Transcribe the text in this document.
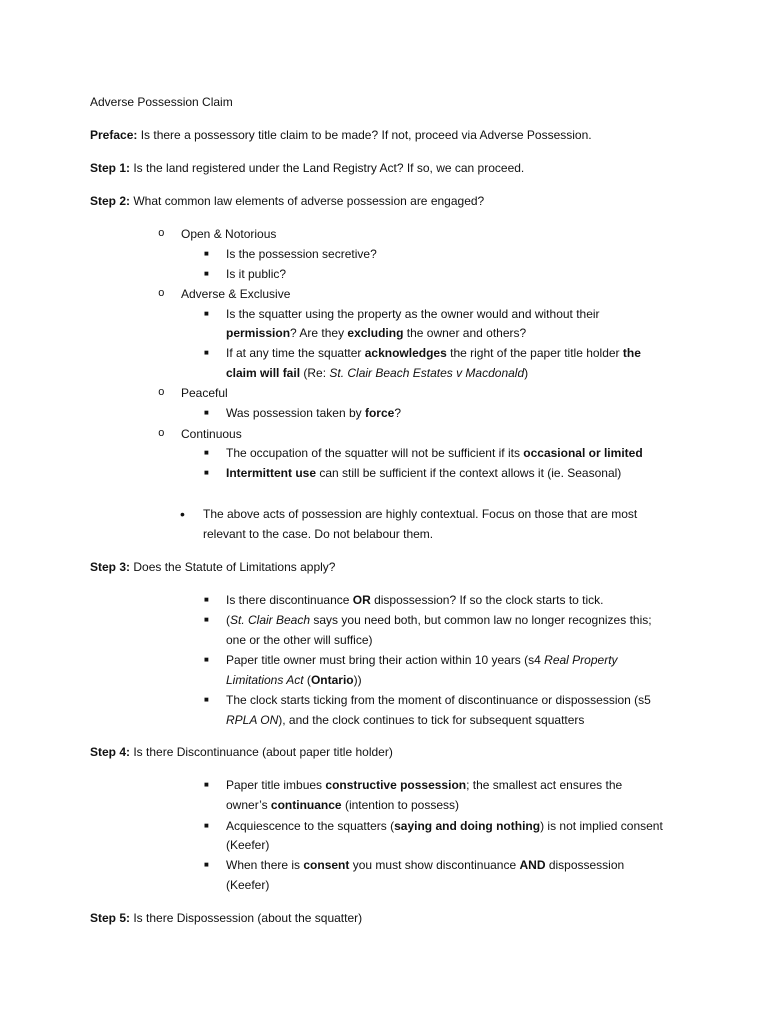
Adverse Possession Claim
Preface: Is there a possessory title claim to be made? If not, proceed via Adverse Possession.
Step 1: Is the land registered under the Land Registry Act? If so, we can proceed.
Step 2: What common law elements of adverse possession are engaged?
o Open & Notorious
■ Is the possession secretive?
■ Is it public?
o Adverse & Exclusive
■ Is the squatter using the property as the owner would and without their
permission? Are they excluding the owner and others?
■ If at any time the squatter acknowledges the right of the paper title holder the
claim will fail (Re: St. Clair Beach Estates v Macdonald)
o Peaceful
■ Was possession taken by force?
o Continuous
■ The occupation of the squatter will not be sufficient if its occasional or limited
■ Intermittent use can still be sufficient if the context allows it (ie. Seasonal)
• The above acts of possession are highly contextual. Focus on those that are most
relevant to the case. Do not belabour them.
Step 3: Does the Statute of Limitations apply?
■ Is there discontinuance OR dispossession? If so the clock starts to tick.
■ (St. Clair Beach says you need both, but common law no longer recognizes this;
one or the other will suffice)
■ Paper title owner must bring their action within 10 years (s4 Real Property
Limitations Act (Ontario))
■ The clock starts ticking from the moment of discontinuance or dispossession (s5
RPLA ON), and the clock continues to tick for subsequent squatters
Step 4: Is there Discontinuance (about paper title holder)
■ Paper title imbues constructive possession; the smallest act ensures the
owner’s continuance (intention to possess)
■ Acquiescence to the squatters (saying and doing nothing) is not implied consent
(Keefer)
■ When there is consent you must show discontinuance AND dispossession
(Keefer)
Step 5: Is there Dispossession (about the squatter)
